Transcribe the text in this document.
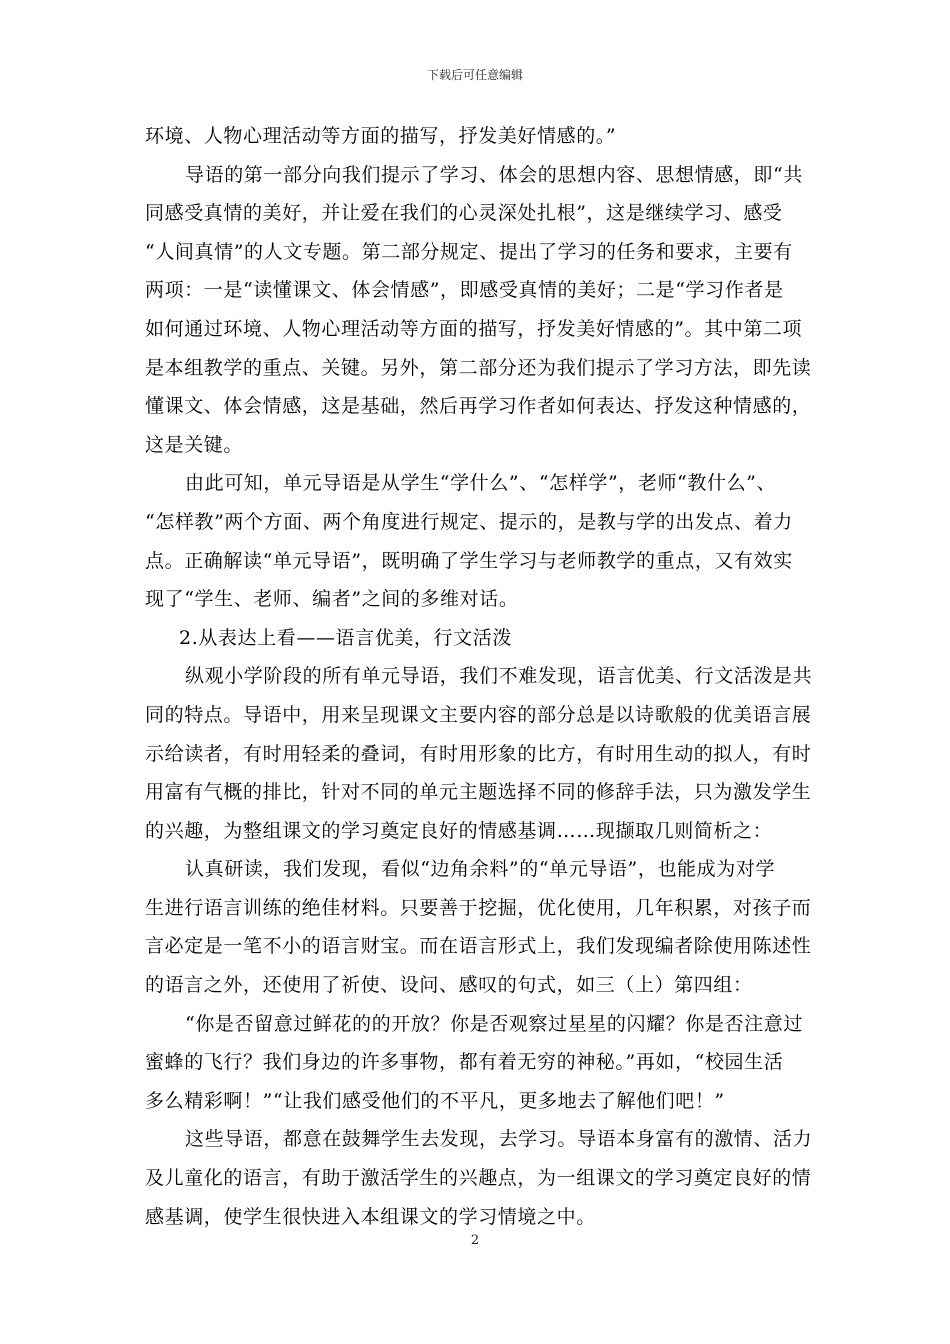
下载后可任意编辑
环境、人物心理活动等方面的描写，抒发美好情感的。”
导语的第一部分向我们提示了学习、体会的思想内容、思想情感，即“共
同感受真情的美好，并让爱在我们的心灵深处扎根”，这是继续学习、感受
“人间真情”的人文专题。第二部分规定、提出了学习的任务和要求，主要有
两项：一是“读懂课文、体会情感”，即感受真情的美好；二是“学习作者是
如何通过环境、人物心理活动等方面的描写，抒发美好情感的”。其中第二项
是本组教学的重点、关键。另外，第二部分还为我们提示了学习方法，即先读
懂课文、体会情感，这是基础，然后再学习作者如何表达、抒发这种情感的，
这是关键。
由此可知，单元导语是从学生“学什么”、“怎样学”，老师“教什么”、
“怎样教”两个方面、两个角度进行规定、提示的，是教与学的出发点、着力
点。正确解读“单元导语”，既明确了学生学习与老师教学的重点，又有效实
现了“学生、老师、编者”之间的多维对话。
2.从表达上看——语言优美，行文活泼
纵观小学阶段的所有单元导语，我们不难发现，语言优美、行文活泼是共
同的特点。导语中，用来呈现课文主要内容的部分总是以诗歌般的优美语言展
示给读者，有时用轻柔的叠词，有时用形象的比方，有时用生动的拟人，有时
用富有气概的排比，针对不同的单元主题选择不同的修辞手法，只为激发学生
的兴趣，为整组课文的学习奠定良好的情感基调……现撷取几则简析之：
认真研读，我们发现，看似“边角余料”的“单元导语”，也能成为对学
生进行语言训练的绝佳材料。只要善于挖掘，优化使用，几年积累，对孩子而
言必定是一笔不小的语言财宝。而在语言形式上，我们发现编者除使用陈述性
的语言之外，还使用了祈使、设问、感叹的句式，如三（上）第四组：
“你是否留意过鲜花的的开放？你是否观察过星星的闪耀？你是否注意过
蜜蜂的飞行？我们身边的许多事物，都有着无穷的神秘。”再如，“校园生活
多么精彩啊！”“让我们感受他们的不平凡，更多地去了解他们吧！”
这些导语，都意在鼓舞学生去发现，去学习。导语本身富有的激情、活力
及儿童化的语言，有助于激活学生的兴趣点，为一组课文的学习奠定良好的情
感基调，使学生很快进入本组课文的学习情境之中。
2
